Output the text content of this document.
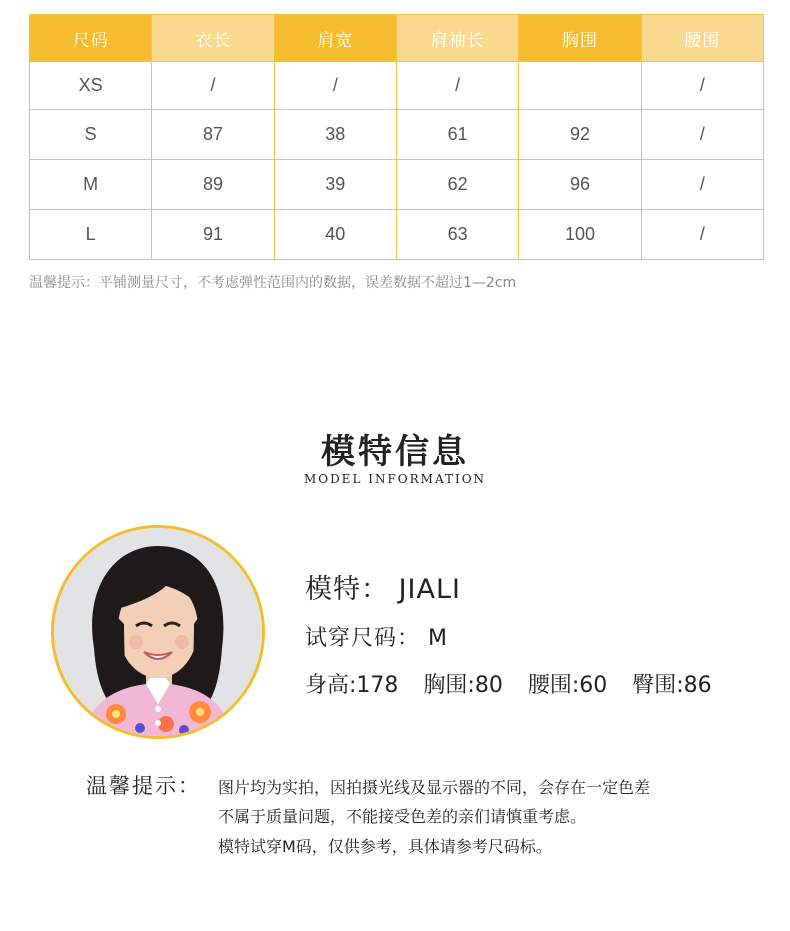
尺码	衣长	肩宽	肩袖长	胸围	腰围
XS	/	/	/		/
S	87	38	61	92	/
M	89	39	62	96	/
L	91	40	63	100	/
温馨提示：平铺测量尺寸，不考虑弹性范围内的数据，误差数据不超过1—2cm
模特信息
MODEL INFORMATION
模特： JIALI
试穿尺码： M
身高:178 胸围:80 腰围:60 臀围:86
温馨提示： 图片均为实拍，因拍摄光线及显示器的不同，会存在一定色差
不属于质量问题，不能接受色差的亲们请慎重考虑。
模特试穿M码，仅供参考，具体请参考尺码标。
